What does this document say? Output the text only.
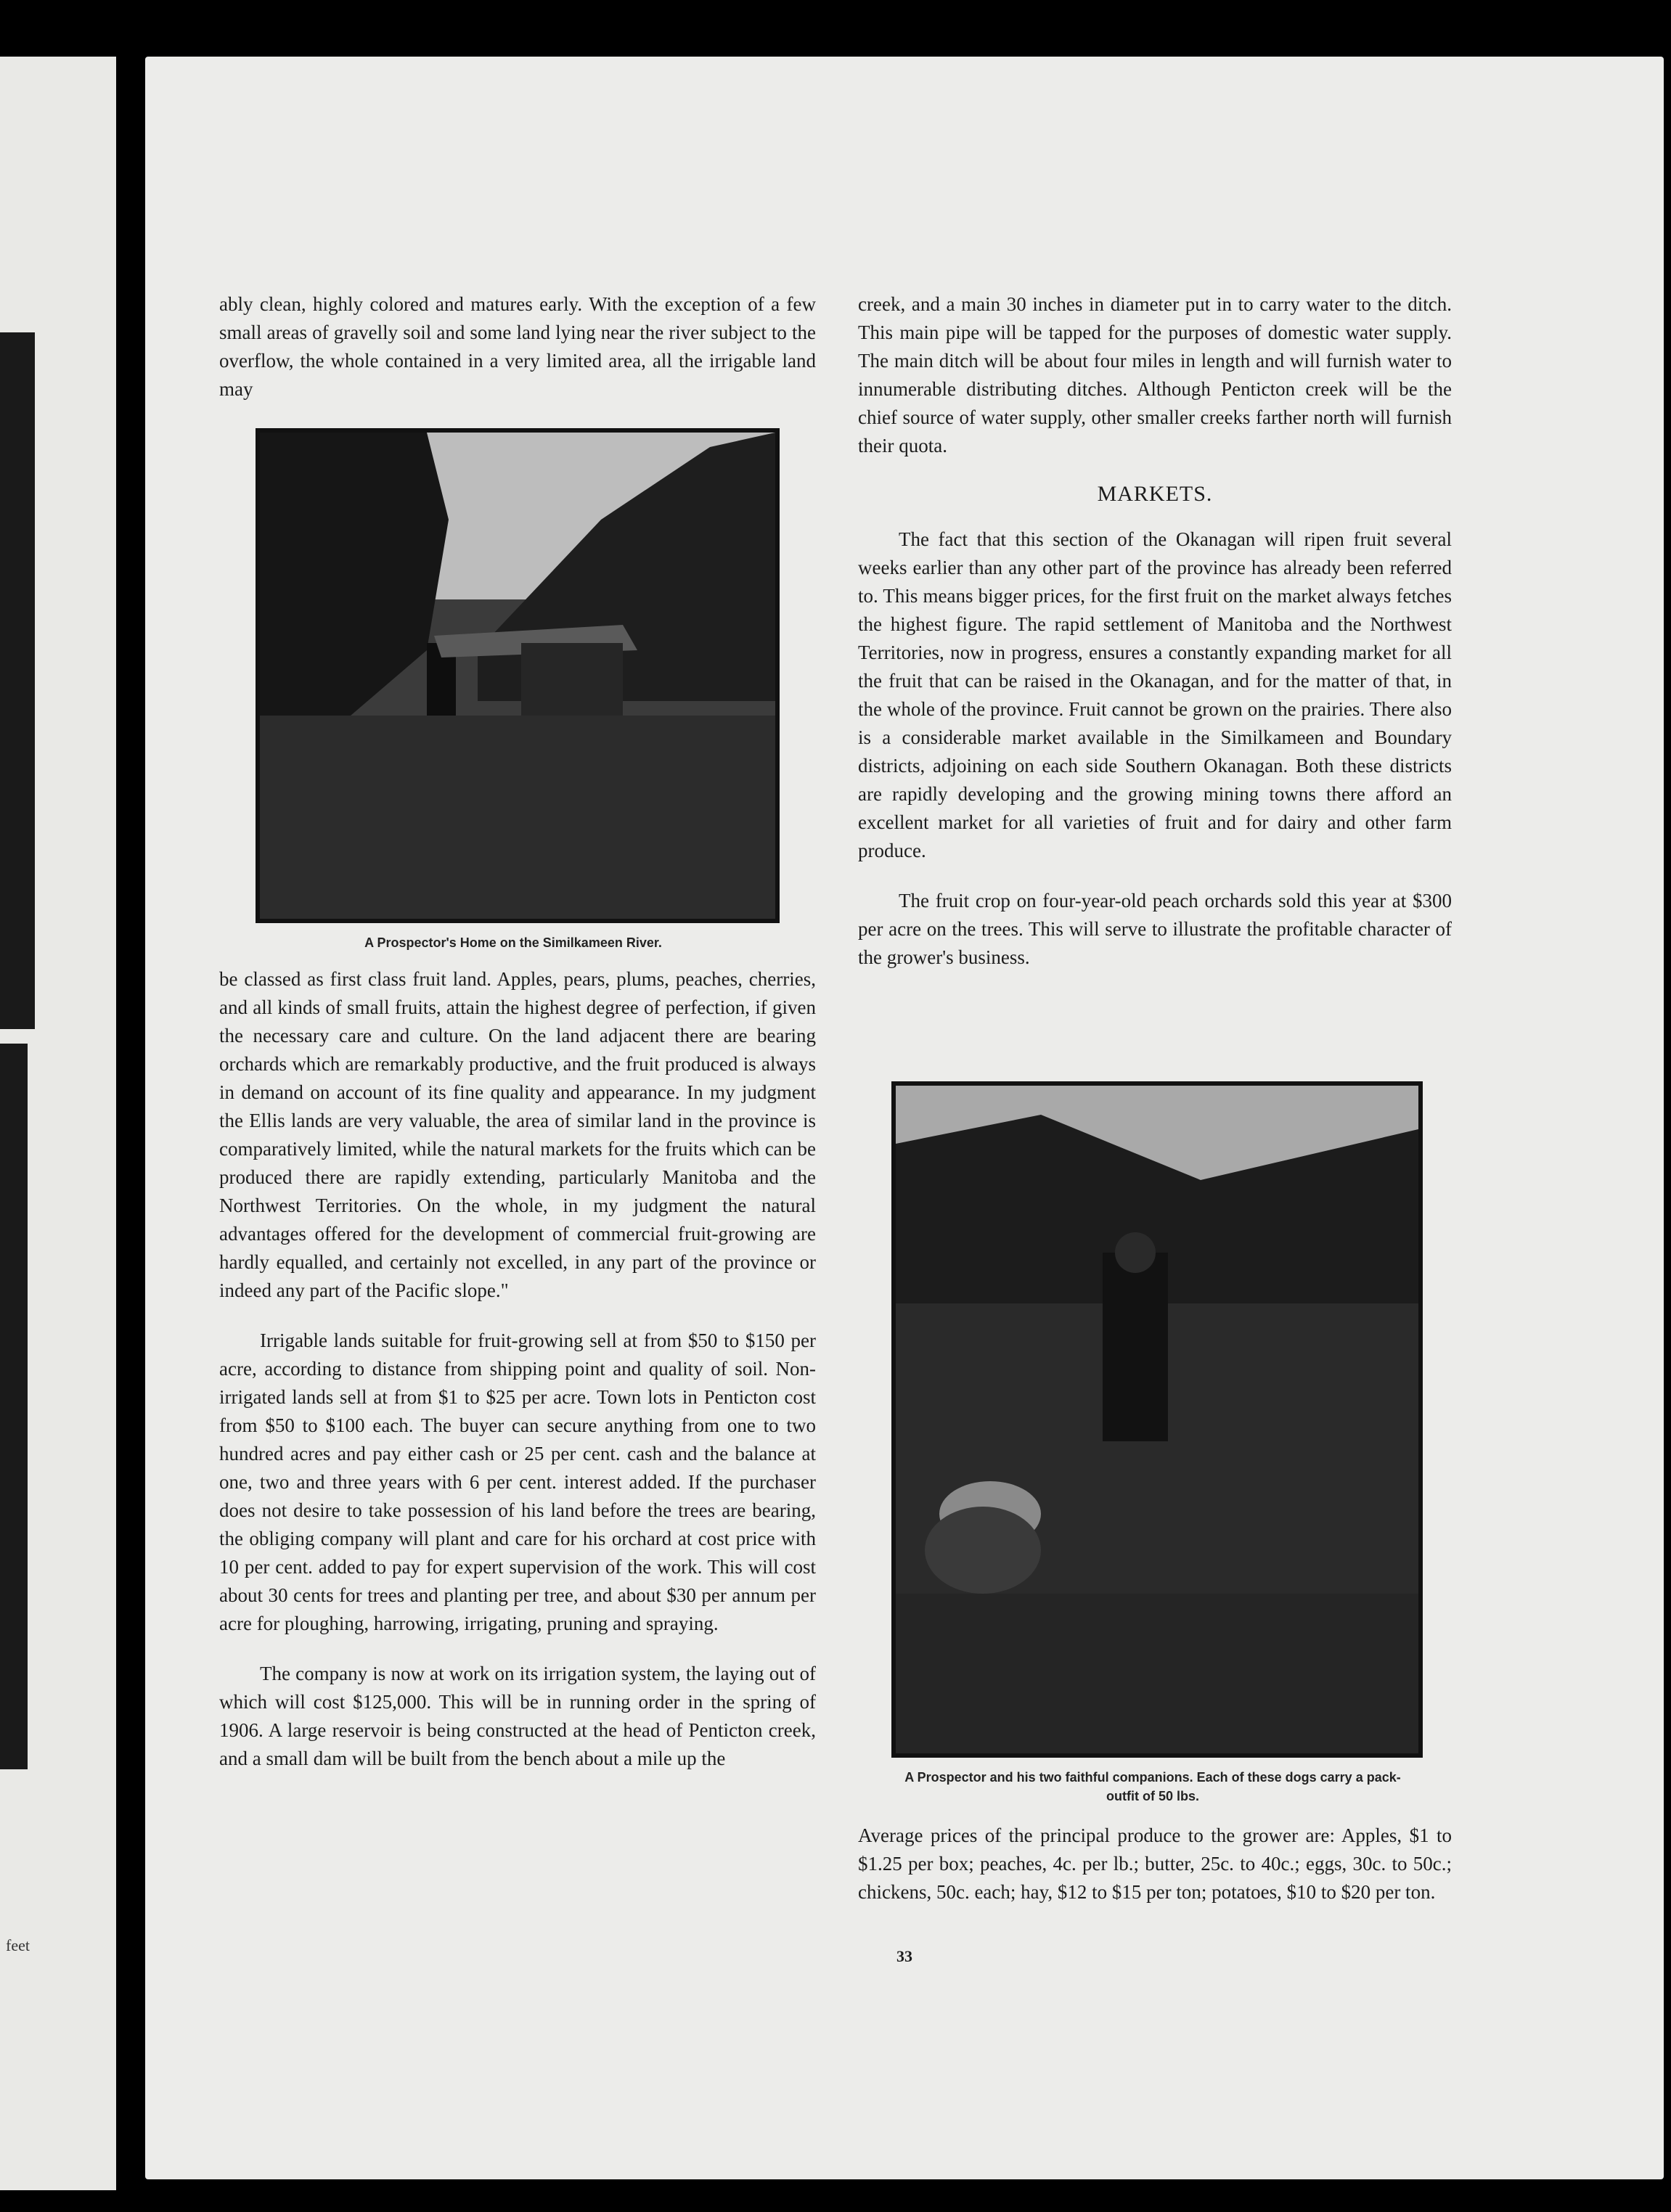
feet

ably clean, highly colored and matures early. With the exception of a few small areas of gravelly soil and some land lying near the river subject to the overflow, the whole contained in a very limited area, all the irrigable land may

A Prospector's Home on the Similkameen River.

be classed as first class fruit land. Apples, pears, plums, peaches, cherries, and all kinds of small fruits, attain the highest degree of perfection, if given the necessary care and culture. On the land adjacent there are bearing orchards which are remarkably productive, and the fruit produced is always in demand on account of its fine quality and appearance. In my judgment the Ellis lands are very valuable, the area of similar land in the province is comparatively limited, while the natural markets for the fruits which can be produced there are rapidly extending, particularly Manitoba and the Northwest Territories. On the whole, in my judgment the natural advantages offered for the development of commercial fruit-growing are hardly equalled, and certainly not excelled, in any part of the province or indeed any part of the Pacific slope."

Irrigable lands suitable for fruit-growing sell at from $50 to $150 per acre, according to distance from shipping point and quality of soil. Non-irrigated lands sell at from $1 to $25 per acre. Town lots in Penticton cost from $50 to $100 each. The buyer can secure anything from one to two hundred acres and pay either cash or 25 per cent. cash and the balance at one, two and three years with 6 per cent. interest added. If the purchaser does not desire to take possession of his land before the trees are bearing, the obliging company will plant and care for his orchard at cost price with 10 per cent. added to pay for expert supervision of the work. This will cost about 30 cents for trees and planting per tree, and about $30 per annum per acre for ploughing, harrowing, irrigating, pruning and spraying.

The company is now at work on its irrigation system, the laying out of which will cost $125,000. This will be in running order in the spring of 1906. A large reservoir is being constructed at the head of Penticton creek, and a small dam will be built from the bench about a mile up the

creek, and a main 30 inches in diameter put in to carry water to the ditch. This main pipe will be tapped for the purposes of domestic water supply. The main ditch will be about four miles in length and will furnish water to innumerable distributing ditches. Although Penticton creek will be the chief source of water supply, other smaller creeks farther north will furnish their quota.

MARKETS.

The fact that this section of the Okanagan will ripen fruit several weeks earlier than any other part of the province has already been referred to. This means bigger prices, for the first fruit on the market always fetches the highest figure. The rapid settlement of Manitoba and the Northwest Territories, now in progress, ensures a constantly expanding market for all the fruit that can be raised in the Okanagan, and for the matter of that, in the whole of the province. Fruit cannot be grown on the prairies. There also is a considerable market available in the Similkameen and Boundary districts, adjoining on each side Southern Okanagan. Both these districts are rapidly developing and the growing mining towns there afford an excellent market for all varieties of fruit and for dairy and other farm produce.

The fruit crop on four-year-old peach orchards sold this year at $300 per acre on the trees. This will serve to illustrate the profitable character of the grower's business.

A Prospector and his two faithful companions. Each of these dogs carry a pack-outfit of 50 lbs.

Average prices of the principal produce to the grower are: Apples, $1 to $1.25 per box; peaches, 4c. per lb.; butter, 25c. to 40c.; eggs, 30c. to 50c.; chickens, 50c. each; hay, $12 to $15 per ton; potatoes, $10 to $20 per ton.

33
